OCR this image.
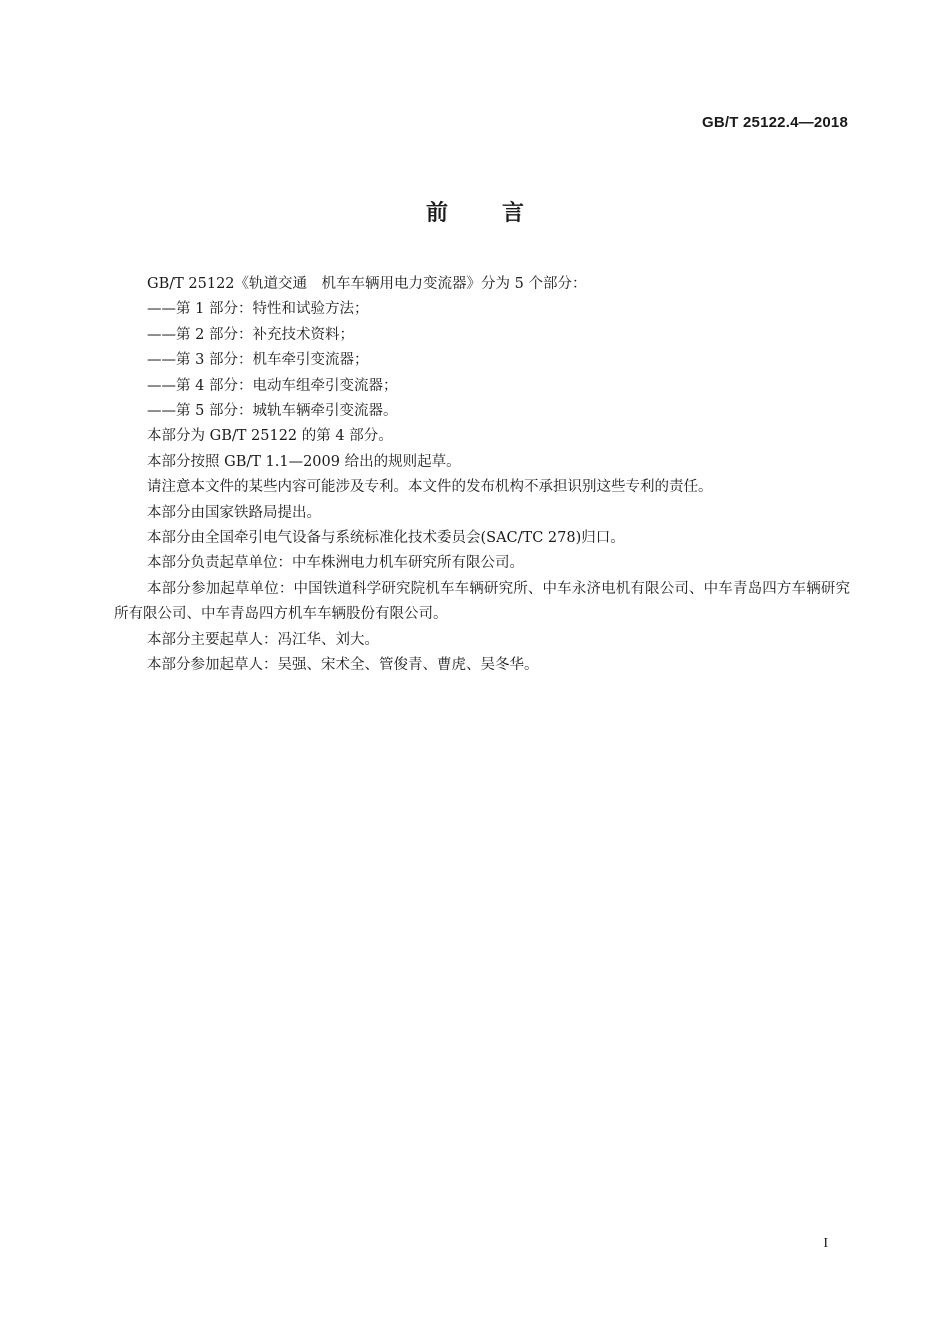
GB/T 25122.4—2018
前言

GB/T 25122《轨道交通　机车车辆用电力变流器》分为 5 个部分：

——第 1 部分：特性和试验方法；

——第 2 部分：补充技术资料；

——第 3 部分：机车牵引变流器；

——第 4 部分：电动车组牵引变流器；

——第 5 部分：城轨车辆牵引变流器。

本部分为 GB/T 25122 的第 4 部分。

本部分按照 GB/T 1.1—2009 给出的规则起草。

请注意本文件的某些内容可能涉及专利。本文件的发布机构不承担识别这些专利的责任。

本部分由国家铁路局提出。

本部分由全国牵引电气设备与系统标准化技术委员会(SAC/TC 278)归口。

本部分负责起草单位：中车株洲电力机车研究所有限公司。

本部分参加起草单位：中国铁道科学研究院机车车辆研究所、中车永济电机有限公司、中车青岛四方车辆研究所有限公司、中车青岛四方机车车辆股份有限公司。

本部分主要起草人：冯江华、刘大。

本部分参加起草人：吴强、宋术全、管俊青、曹虎、吴冬华。

I
